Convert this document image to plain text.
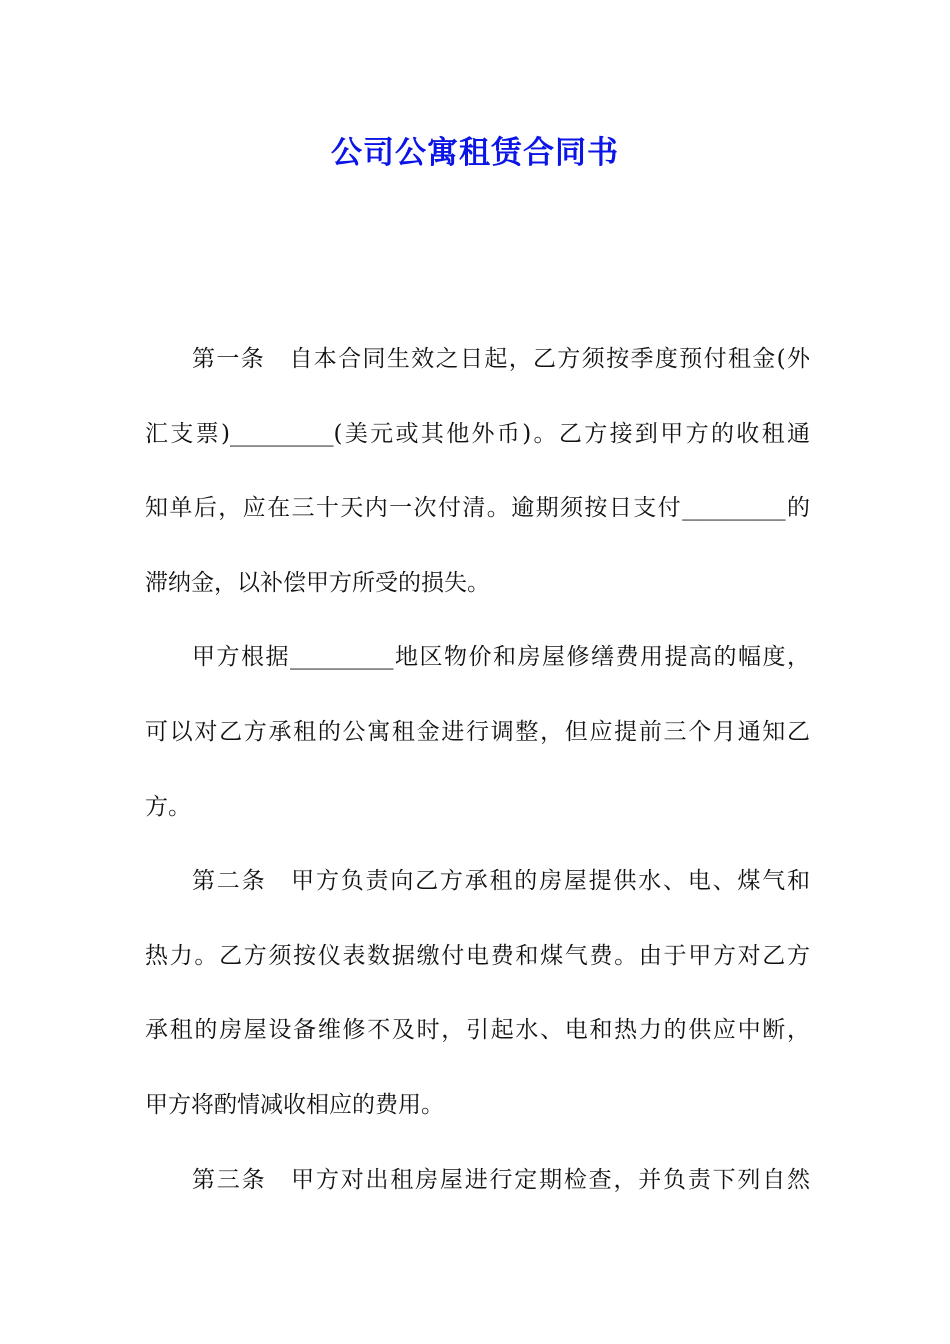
公司公寓租赁合同书
第一条　自本合同生效之日起，乙方须按季度预付租金(外
汇支票)_________(美元或其他外币)。乙方接到甲方的收租通
知单后，应在三十天内一次付清。逾期须按日支付_________的
滞纳金，以补偿甲方所受的损失。
甲方根据_________地区物价和房屋修缮费用提高的幅度，
可以对乙方承租的公寓租金进行调整，但应提前三个月通知乙
方。
第二条　甲方负责向乙方承租的房屋提供水、电、煤气和
热力。乙方须按仪表数据缴付电费和煤气费。由于甲方对乙方
承租的房屋设备维修不及时，引起水、电和热力的供应中断，
甲方将酌情减收相应的费用。
第三条　甲方对出租房屋进行定期检查，并负责下列自然
